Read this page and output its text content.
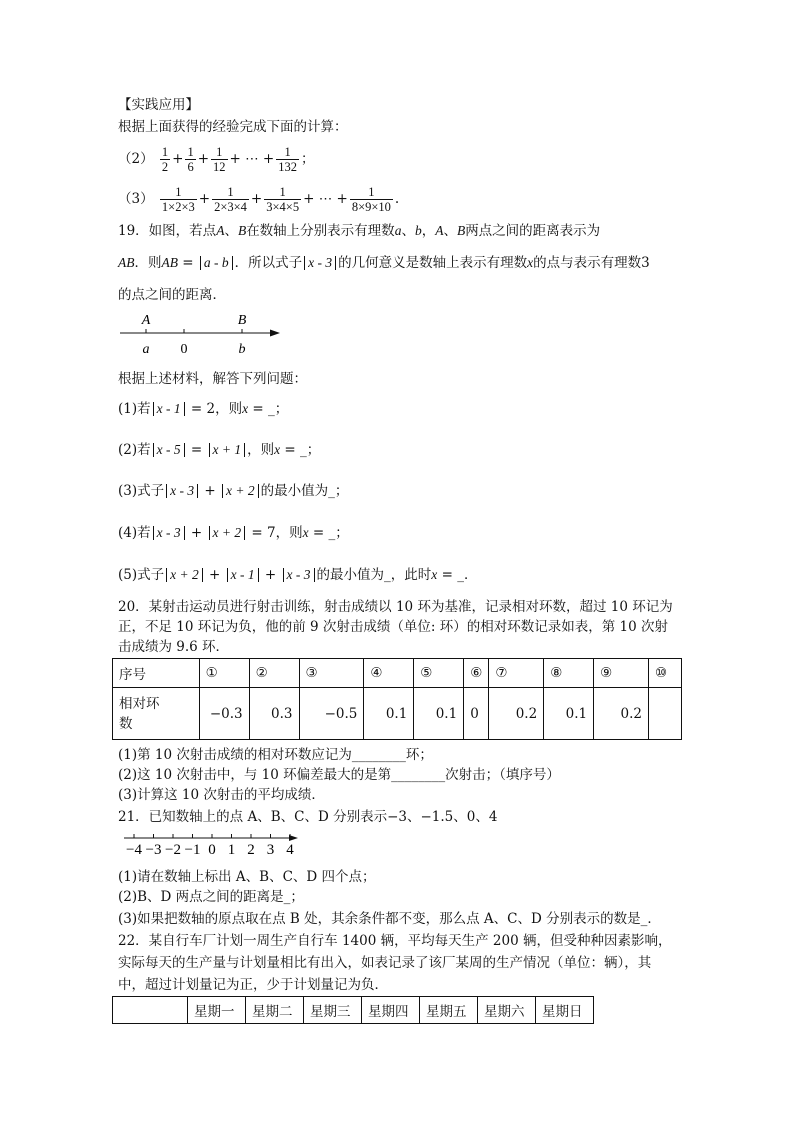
【实践应用】
根据上面获得的经验完成下面的计算：
$(2) \frac{1}{2} + \frac{1}{6} + \frac{1}{12}$ + ⋯ + $\frac{1}{132}$ ；
$(3) \frac{1}{1\times 2\times 3} + \frac{1}{2\times 3\times 4} + \frac{1}{3\times 4\times 5}$ + ⋯ + $\frac{1}{8\times 9\times 10}$ .
19．如图，若点A、B在数轴上分别表示有理数a、b，A、B两点之间的距离表示为
AB．则AB = a - b ．所以式子 x - 3 的几何意义是数轴上表示有理数x的点与表示有理数3
的点之间的距离．
A	B
a 0	b
根据上述材料，解答下列问题：
(1)若 x - 1 = 2，则x = _；
(2)若 x - 5 = x + 1 ，则x = _；
(3)式子 x - 3 + x + 2 的最小值为_；
(4)若 x - 3 + x + 2 = 7，则x = _；
(5)式子 x + 2 + x - 1 + x - 3 的最小值为_，此时x = _．
20．某射击运动员进行射击训练，射击成绩以 10 环为基准，记录相对环数，超过 10 环记为
正，不足 10 环记为负，他的前 9 次射击成绩（单位: 环）的相对环数记录如表，第 10 次射
击成绩为 9.6 环．
序号	①	②	③	④	⑤	⑥	⑦	⑧	⑨	⑩
相对环
数	−0.3	0.3	−0.5	0.1	0.1	0	0.2	0.1	0.2	
(1)第 10 次射击成绩的相对环数应记为________环；
(2)这 10 次射击中，与 10 环偏差最大的是第________次射击；（填序号）
(3)计算这 10 次射击的平均成绩．
21．已知数轴上的点 A、B、C、D 分别表示−3、−1.5、0、4
−4 −3 −2 −1 0 1 2 3 4
(1)请在数轴上标出 A、B、C、D 四个点；
(2)B、D 两点之间的距离是_；
(3)如果把数轴的原点取在点 B 处，其余条件都不变，那么点 A、C、D 分别表示的数是_．
22．某自行车厂计划一周生产自行车 1400 辆，平均每天生产 200 辆，但受种种因素影响，
实际每天的生产量与计划量相比有出入，如表记录了该厂某周的生产情况（单位：辆），其
中，超过计划量记为正，少于计划量记为负．
	星期一	星期二	星期三	星期四	星期五	星期六	星期日
